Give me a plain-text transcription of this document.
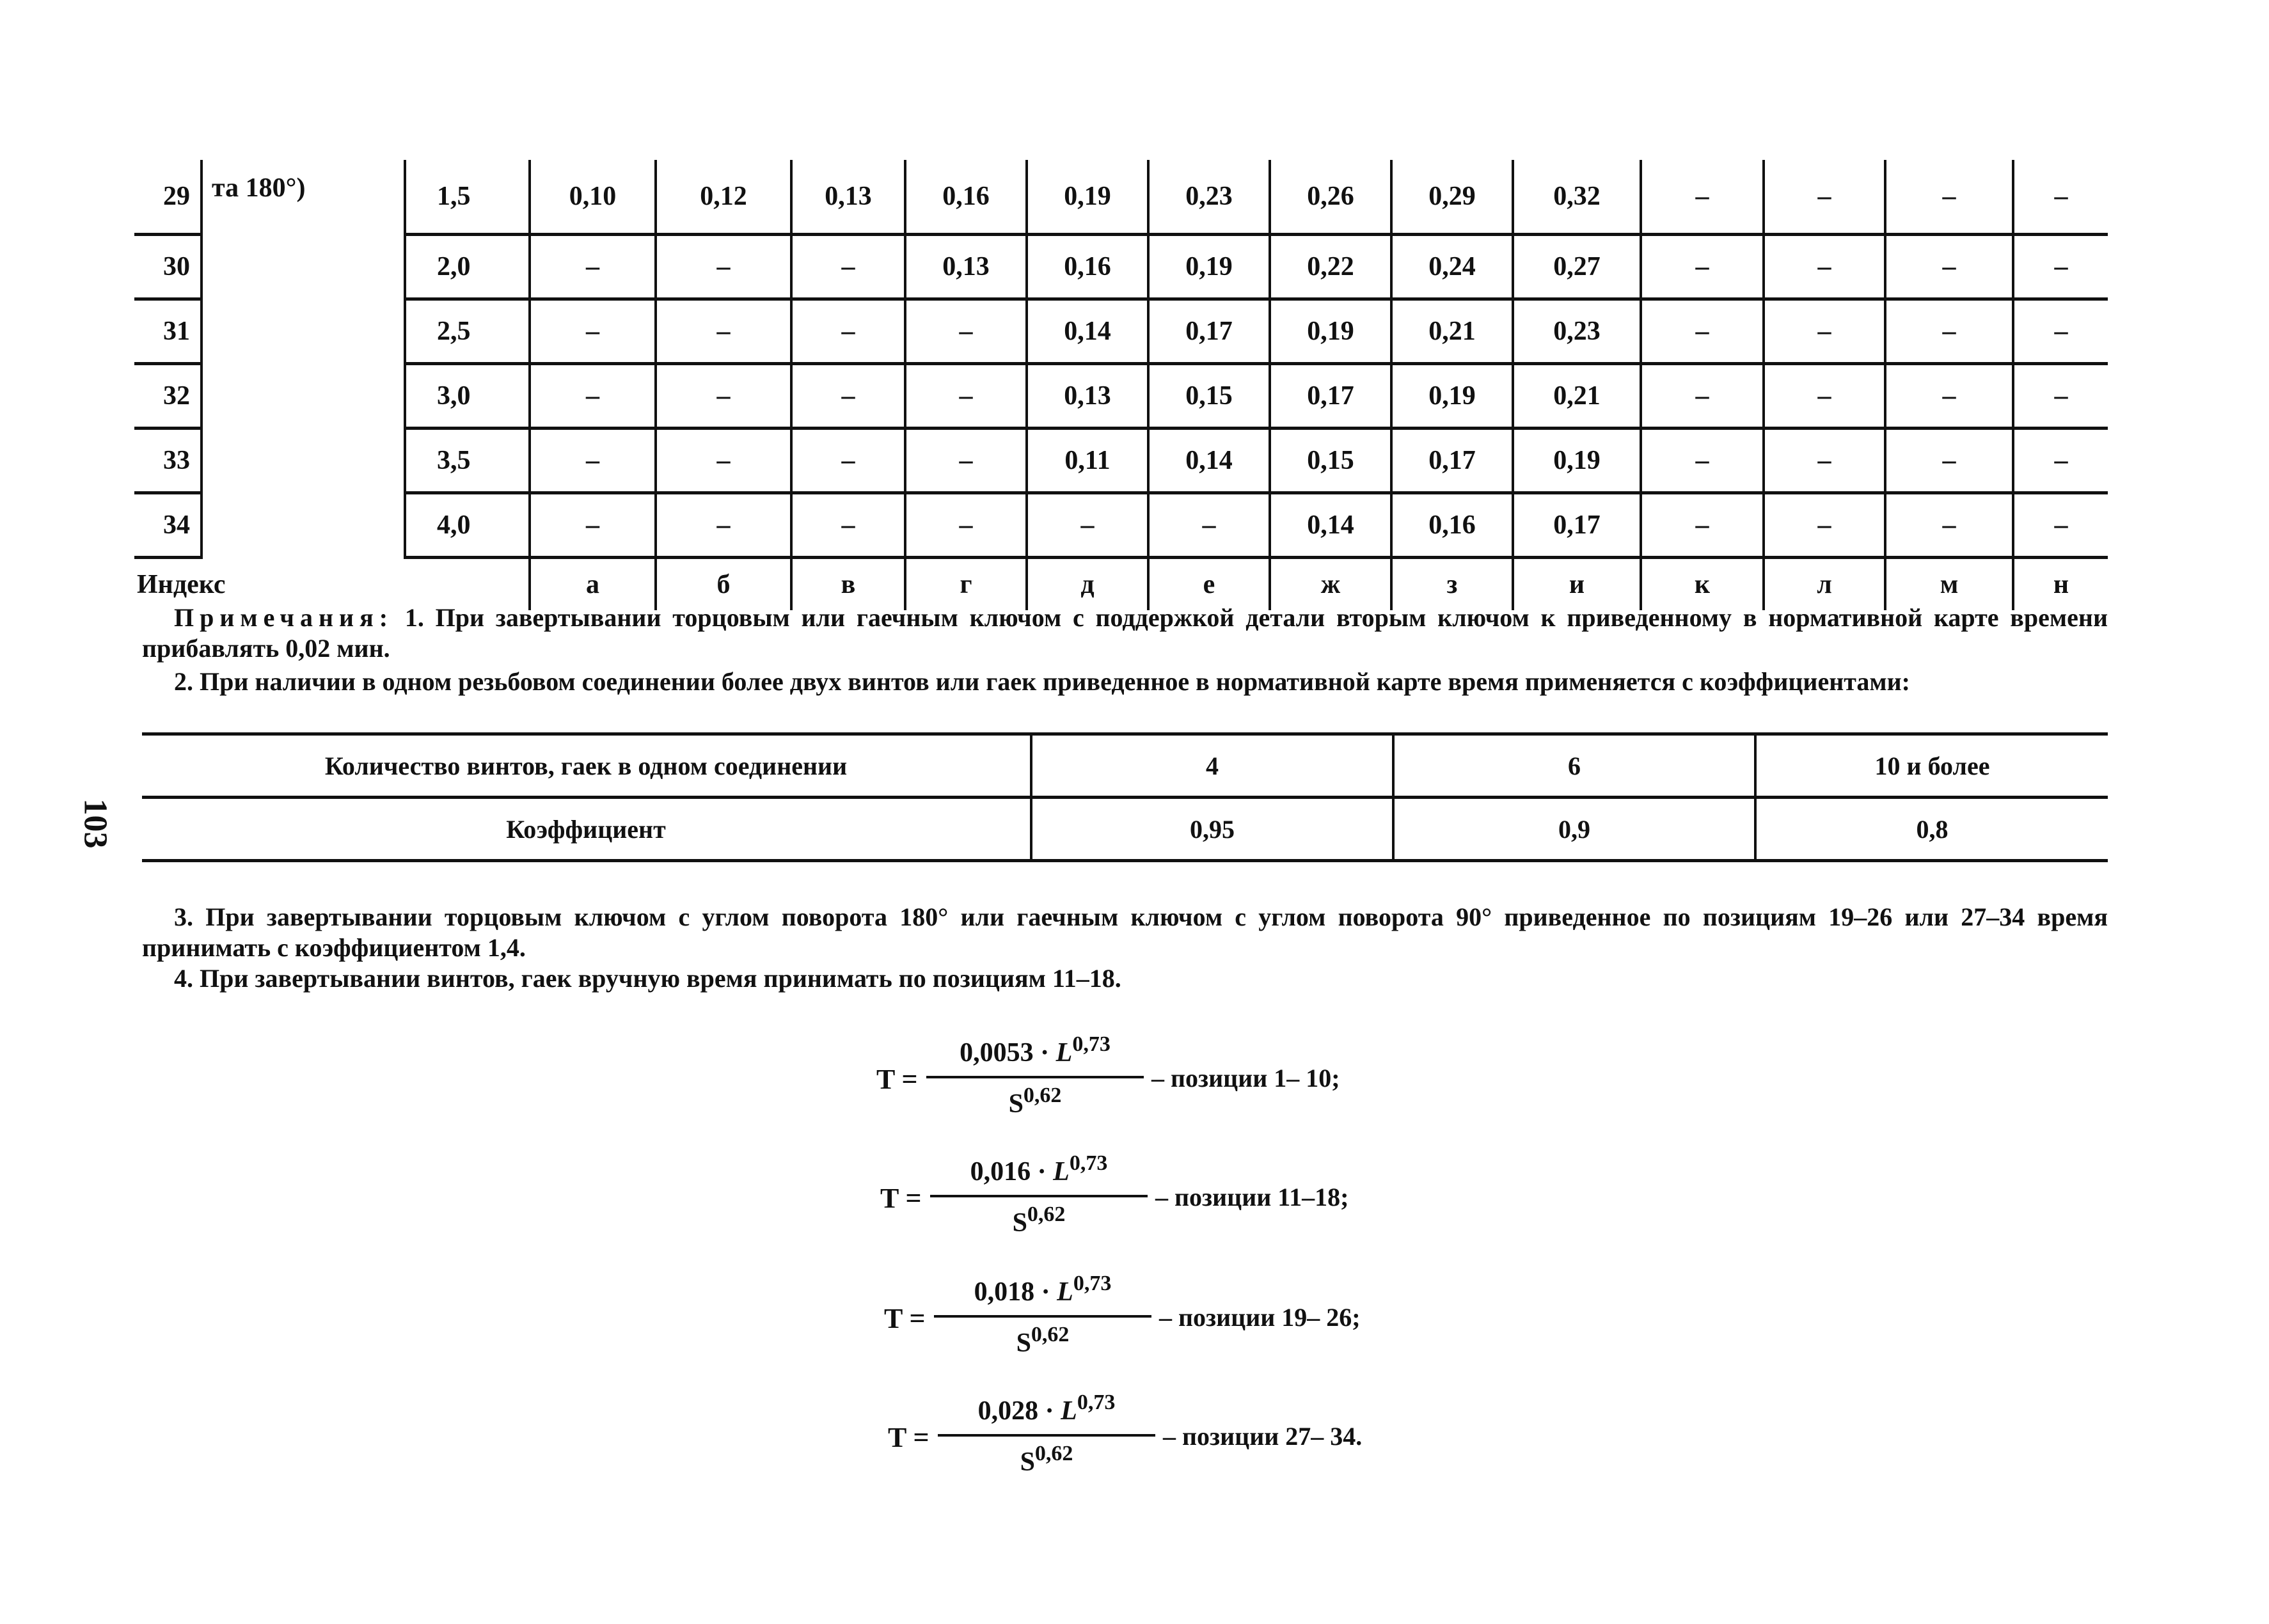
29	та 180°)	1,5	0,10	0,12	0,13	0,16	0,19	0,23	0,26	0,29	0,32	–	–	–	–
30		2,0	–	–	–	0,13	0,16	0,19	0,22	0,24	0,27	–	–	–	–
31		2,5	–	–	–	–	0,14	0,17	0,19	0,21	0,23	–	–	–	–
32		3,0	–	–	–	–	0,13	0,15	0,17	0,19	0,21	–	–	–	–
33		3,5	–	–	–	–	0,11	0,14	0,15	0,17	0,19	–	–	–	–
34		4,0	–	–	–	–	–	–	0,14	0,16	0,17	–	–	–	–
Индекс			а	б	в	г	д	е	ж	з	и	к	л	м	н
Примечания: 1. При завертывании торцовым или гаечным ключом с поддержкой детали вторым ключом к приведенному в нормативной карте времени прибавлять 0,02 мин.
2. При наличии в одном резьбовом соединении более двух винтов или гаек приведенное в нормативной карте время применяется с коэффициентами:
Количество винтов, гаек в одном соединении	4	6	10 и более
Коэффициент	0,95	0,9	0,8
103
3. При завертывании торцовым ключом с углом поворота 180° или гаечным ключом с углом поворота 90° приведенное по позициям 19–26 или 27–34 время принимать с коэффициентом 1,4.
4. При завертывании винтов, гаек вручную время принимать по позициям 11–18.
T =
0,0053 · L$^{0,73}$
S$^{0,62}$
– позиции 1– 10;
T =
0,016 · L$^{0,73}$
S$^{0,62}$
– позиции 11–18;
T =
0,018 · L$^{0,73}$
S$^{0,62}$
– позиции 19– 26;
T =
0,028 · L$^{0,73}$
S$^{0,62}$
– позиции 27– 34.
